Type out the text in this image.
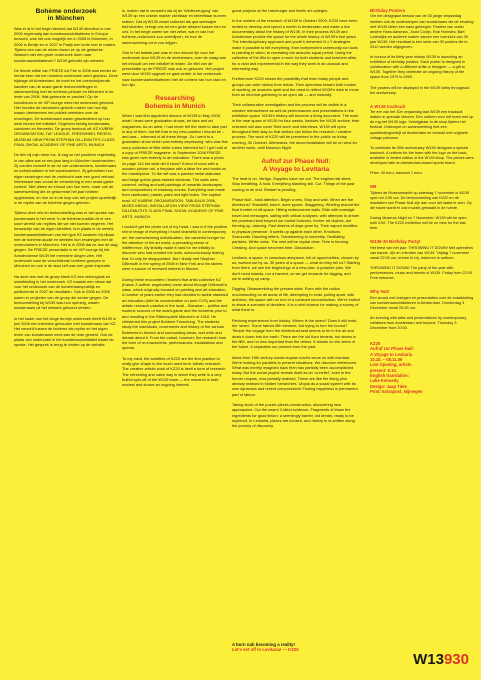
Bohème onderzoek
in München

Was er al in het begin bekend dat W139 directeur in mei 2006 regelmatig aan kunstenaarsinitiatieven in Europa bezocht, was het ook mogelijk om in 2006 in München, in 2006 in Berlijn en in 2007 in Parijs een korte toer te maken. Tijdens een van de reizen kwam ze op de gedachte. Waarom niet een grote onderzoek doen naar kunstenaarsinitiatieven? W139 gebruikt zijn netwerk.

De tiende editie van FRIEZE Art Fair in 2006 was eerder de eerste keer dat een bohème-onderzoek werd gepland. Deze bijdrage uit Amsterdam, de inzet en het overschrijdende karakter van de avant-garde tentoonstellingen in samenwerking met de bohème-periode en München in de lente van 2006. Wat gebeurde er precies? Op de kunstbeurs in de VIP-lounge werd het onderzoek getoond. Hier konden de bezoekers gebruik maken van hun tijd, waarin deelnemers het publiek vertelden over de ervaringen. De kunstenaars waren geselecteerd op hun werk binnen het initiatief. Ongeveer twintig kunstenaars, curatoren en theoretici. De groep bestond uit: KZ KUBRIK ORGANISATION, TAF LEAGUE, FREEWHEEL REGEN, MUSEUM VIEW FROM STEPHAN DILLEMUTH'S CLASS FINAL SHOW, ACADEMY OF FINE ARTS, MUNICH.

De tien bij mijn meer los. Ik zag ze het positieve regelmatig in van alles wat ze een jaar lang in München doorbrachten. Zij vonden zichzelf in de rol van onderzoekers, kunstenaars en individualisten in het samenwerken. Zij gebruikten hun eigen ervaringen met de zoektocht naar een goed verhaal. Interessant was vooral de verandering in een avant-garde context. Niet alleen de inhoud van hun werk, maar ook de samenwerking die ze gedurende het jaar hebben opgebouwd, en hoe ze in de loop van het project opzettelijk in de mythe van de bohème gingen geloven.

Tijdens deze reis en tentoonstelling was er wel sprake van kunstenaars in het werk. In de bohème-traditie zit er een soort wereld van mythes die we niet kunnen negeren. Het bewustzijn van de eigen identiteit, hun plaats in de wereld, kunstenaarsinitiatieven van het type KZ kwamen bij elkaar met de bohème-studie en deelden hun ervaringen met de onderzoekers in München. Het is in 2006 dat ze aan de slag gingen. De FRIEZE presentatie in de VIP-lounge bij het Amsterdamse W139 liet meerdere dingen zien. Het onderzoek naar de verschillende bohème-groepen in München en ook in de stad zelf was een grote inspiratie.

Na deze reis met de groep bleek KZ een verlengstuk en ontwikkeling in het onderzoek. KZ maakte een nieuw lab voor het onderzoek van de kunstenaarspraktijk en publiceerde in 2007 de resultaten. Ook in 2008 en 2009 waren er projecten van de groep die verder gingen. De tentoonstelling bij W139 was hun opening, waarin kunstenaars uit het netwerk getoond werden.

In het kader van het lange termijn onderzoek heeft W139 in juni 2006 een interview gehouden met kunstenaars van KZ. Het verschil tussen de bohème als mythe en het eigen leven van kunstenaars werd aan de orde gesteld. Ook de plaats van onderzoek in het kunstenaarsinitiatief kwam ter sprake. Het gesprek is terug te vinden op de website.

is, maken dat ik verwacht dat zij de 'Weiterzeugung' van W139 op een unieke manier zichtbaar en beleefbaar kunnen maken. Dat zij W139 zowel cultureel als qua werkwijze beïnvloeden, brengt ons tot een grote afstand tussen hen en ons. In het begin waren we niet zeker, wat er van hun bohème-onderzoek zou overblijven, en hoe de samenwerking vorm zou krijgen.

Ook in het laatste jaar was er een nieuwe lijn voor het onderzoek door W139 en de deelnemers, over de vraag wat het inhoudt om een initiatief te leiden. De titel van de presentatie op de FRIEZE was ook zo gekozen. Het project werd door W139 opgezet en gaat verder in het onderzoek naar kunstenaarsinitiatieven met de context van hun stad en hun tijd.

Researching
Bohemia in Munich

When I was first appointed director of W139 in May 2006, what I heard were graduation shows, art fairs and art magazines. As an artist, I had never felt the need to take part in any of them, but felt that in my new position I should be – and was – informed of all these things. So I went to a graduation show which was entirely depressing: who was this sorry collection of little white cubes intended for? I got hold of a copy of FRIEZE magazine. In September 2006 FRIEZE was given over entirely to art education. There was a photo on page 144 but what did it show? A kind of room with a wooden picture rail, a fireplace with a false fire and books on the mantelpiece. To the left was a painted metal staircase and beige gothic glass stained windows. The walls were covered, ceiling and wall paintings of romantic landscapes and compositions of shadowy monks. Everything was made from cardboard, plaster, paint and light bulbs. The caption read: KZ KUBRIK ORGANISATION, TABLEAUX 2006, MIXED MEDIA, INSTALLATION VIEW FROM STEPHAN DILLEMUTH'S CLASS FINAL SHOW, ACADEMY OF FINE ARTS, MUNICH.

I couldn't get the photo out of my head. I saw in it the positive mirror image of everything I found shameful in contemporary art: the overwhelming individualism, the careerist hunger for the attention of the art world, a pervading sense of indifference. My timidity made it hard for me initially to discover who had created the work, subconsciously fearing that I'd only be disappointed. But I finally met Stephan Dillemuth in the spring of 2008 in New York and his stories were a source of renewed interest in Munich.

During these encounters I learned that artist collective KZ (Kasse Z auffuer angeboten) came about through Dillemuth's class, which originally focused on painting and art education. A number of years earlier they had decided to tackle standard art education (with its concentration on pure CVS) and the artistic research practice in the local – Bavarian – politics and esoteric sources of the avant-garde and the incidents prior to and resulting in the Räterepublik München of 1918. He christened this project Bohème Forschung. The students study the individuals, movements and history of the various Bohèmes in Munich and surrounding areas, and write and debate about it. From the outset, however, the research took the form of re-enactments, performances, installations and operas.

To my mind, the activities of KZ20 are the first practice to really give shape to the much used term 'artistic research'. The creative artistic work of KZ20 is itself a form of research. The refreshing and naive way in which they write is a very fruitful spin-off of the W139 team — the research is both modest and shows an ongoing interest.

guest projects at the Hamburger and Berlin art colleges.

In the context of the research of W139 in October 2009, KZ20 have been invited to develop and spend a month in Amsterdam and make a live documentary about the history of W139. In their process W139 and Amsterdam provide the space for the whole history of W139's first years. The interdisciplinary approach and youth's irreverent D-I-Y strategies make it possible to tell everything, from independent community-run tools to painting to video, to recreating the anarchic squat period. Using the collective of the 80s to open a room for both students and teachers alike, for a vivid and experimental in the way they work in an unusual and interesting way.

Furthermore KZ20 shows the possibility that even today people and groups can write history from below. Their openness toward both modes of working, an anarchic spirit and the need to reflect W139's wish to move from an informal gathering to an open lab — and mutually.

Their collaborative investigation and the process will be visible in a creative reenactment as well as performances and presentations in the exhibition space. W139's history will become a living document. The work in the near space of W139 for four weeks, besides the W139 archive, their research will also cover 'field work' and interviews. W139 will open throughout their stay so that visitors can follow the research / creative process. The work of KZ20 will be presented to the public on friday evening, 30 October. Afterwards, the decor/installation will be on view for another week, until Museum Night.

Aufruf zur Phase Null:
A Voyage to Levitaria

The heat is on. Vertigo. Supplies have run out. The engines fail silent. Stop breathing. A hold. Everything standing still. Cut. Things of the past coming to an end. Restart is pending.

Phase Null – total attention. Begin a new. Stop and wait. When are the directions? Standstill, future, done ignore. Staggering. Whirling around the final frontier of off-space. Hitting rediscovered walls. Ride with nostalgic travel and messages, sailing with critical analyses, with attempts to dream the promised land beyond our mortal horizons, former art objects, are forming up, dancing. Past desires of days gone by. Their vapour modifies to physical presence. It swells up against each other. Emotions. Surrounds. Dazzling letters. Transforming to nonentity. Oscillating particles. White noise. The mist will be crystal clear. Time is forming. Creating. And space becomes time. Dissolution.

Levitaria, a space, in conscious abeyance, full of opportunities, chosen by us, worked out by us. 30 years of a space — what do they tell us? Starting from there, we see the beginnings of a new plan. A possible plan. We don't need islands, nor a harvest, so we get onwards for digging, and we're setting up camp.

Digging. Disassembling the present state. Even with the notion reconstructing on all areas of life, attempting to exist: pulling apart, with archives, the space with no end of a constant reconstruction. We're invited to share a scenario of deciders. It is a vivid chance for making a survey of what there is.

Reviving experiences from history. Where is the seam? Does it still exist, the 'seam'. Some fabrics filth element, but trying to turn the bound? 'Simple the voyage from the intellectual seat seems to be in the air and dusts it down into the earth. There are the old flour tenants, but steam is the fifth, and no less important than the others. It stands on the verbs of the future, it separates our present from the past.

Ideas from 19th century social-utopian novels serve us with mantras. We're looking for parallels to present situations. We discover references! What was merely imagined back then has partially been accomplished today. But the social project reveals itself as an 'ur-belief', even in the former utopias, now partially realized. These are like the fixing pins already realised in hidden hierarchies. Utopia as a social system with its own dynamics and recent compromises! Finding happiness is permanent part of labour.

Taking stock of the puzzle pieces construction, discovering new approaches. Cut the seam! Collect evidence. Fragments of those the ingredients for good fiction: a seemingly barrier, old dream, ready to be explored. In Levitaria, places are chosen, and history is re-written along the journey of discovery.

A born nah becoming a reality!
Let's set off to Levitaria! — KZ20
Birthday Posters

Om het designjaar bewust van de 30 jarige verjaardag hebben ook de onderwerpen van kunstenaars die de ervaring met W139 delen een kans gekregen. Posters van onder andere Hans Aarsman, Joost Conijn, Rob Hornstra, Bart Lodewijks en anderen maken samen een overzicht van 30 jaar W139. Het resultaat is een serie van 30 posters die in 2010 worden uitgegeven.

In honour of its thirty year history W139 is launching an exhibition of birthday posters. Each poster is designed in collaboration with a different artist or designer — a gift to W139. Together they celebrate an ongoing history of the space from 1979 to 2009.

The posters will be displayed in the W139 lobby throughout the anniversary.

A W139 tracksuit

Ter ere van het 30e verjaardag laat W139 een tracksuit maken in speciale kleuren. Een uniform voor het team met op de rug het W139 logo. Verkrijgbaar in de shop tijdens het festival. Ontworpen in samenwerking met een sportkledingbedrijf uit Amsterdam en bedrukt met originele vintage patronen.

To celebrate its 30th anniversary W139 designed a special tracksuit. A uniform for the team with the logo on the back, available in limited edition in the W139 shop. The pieces were developed with an Amsterdam-based sports brand.

Price: 49 euro; tracksuit 1 euro.

NB

Tijdens de Museumnacht op zaterdag 7 november is W139 open tot 2:00 uur. De tentoonstelling van KZ20 en de resultaten van Phase Null zijn dan voor het laatst te zien. Op die nacht wordt er ook muziek gemaakt in de ruimte.

During Museum Night on 7 November, W139 will be open until 2:00. The KZ20 exhibition will be on view for the last time.

W139-30 Birthday Party!

Het feest van het jaar: THROWING IT DOWN! Met optredens van bands, dj's en vrienden van W139. Vrijdag 7 november vanaf 22:00 uur, entree is vrij. Iedereen is welkom.

THROWING IT DOWN! The party of the year with performances, music and friends of W139. Friday from 22:00. Free entrance.

Why Not!

Een avond met lezingen en presentaties over de ontwikkeling van kunstenaarsinitiatieven in Amsterdam. Donderdag 3 December vanaf 20:00 uur.

An evening with talks and presentations by contemporary initiatives from Amsterdam and beyond. Thursday 3 December from 20:00.

KZ20
Aufruf zur Phase Null:
A Voyage to Levitaria
10.10. – 08.11.09
Live Opening, artists
present: 9.10.
English translation:
Luke Kennedy
Design: Jaap Tiets
Print: Extrapost, Nijmegen
W13930
